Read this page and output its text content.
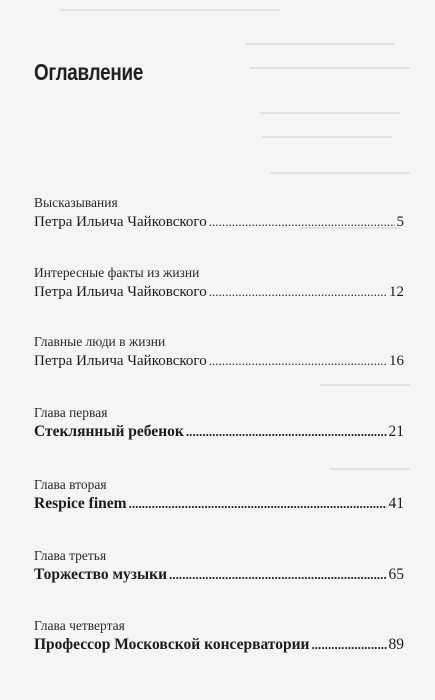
Оглавление
Высказывания
Петра Ильича Чайковского . . .	5
Интересные факты из жизни
Петра Ильича Чайковского . . .	12
Главные люди в жизни
Петра Ильича Чайковского . . .	16
Глава первая
Стеклянный ребенок . . .	21
Глава вторая
Respice finem . . .	41
Глава третья
Торжество музыки . . .	65
Глава четвертая
Профессор Московской консерватории . . .	89
